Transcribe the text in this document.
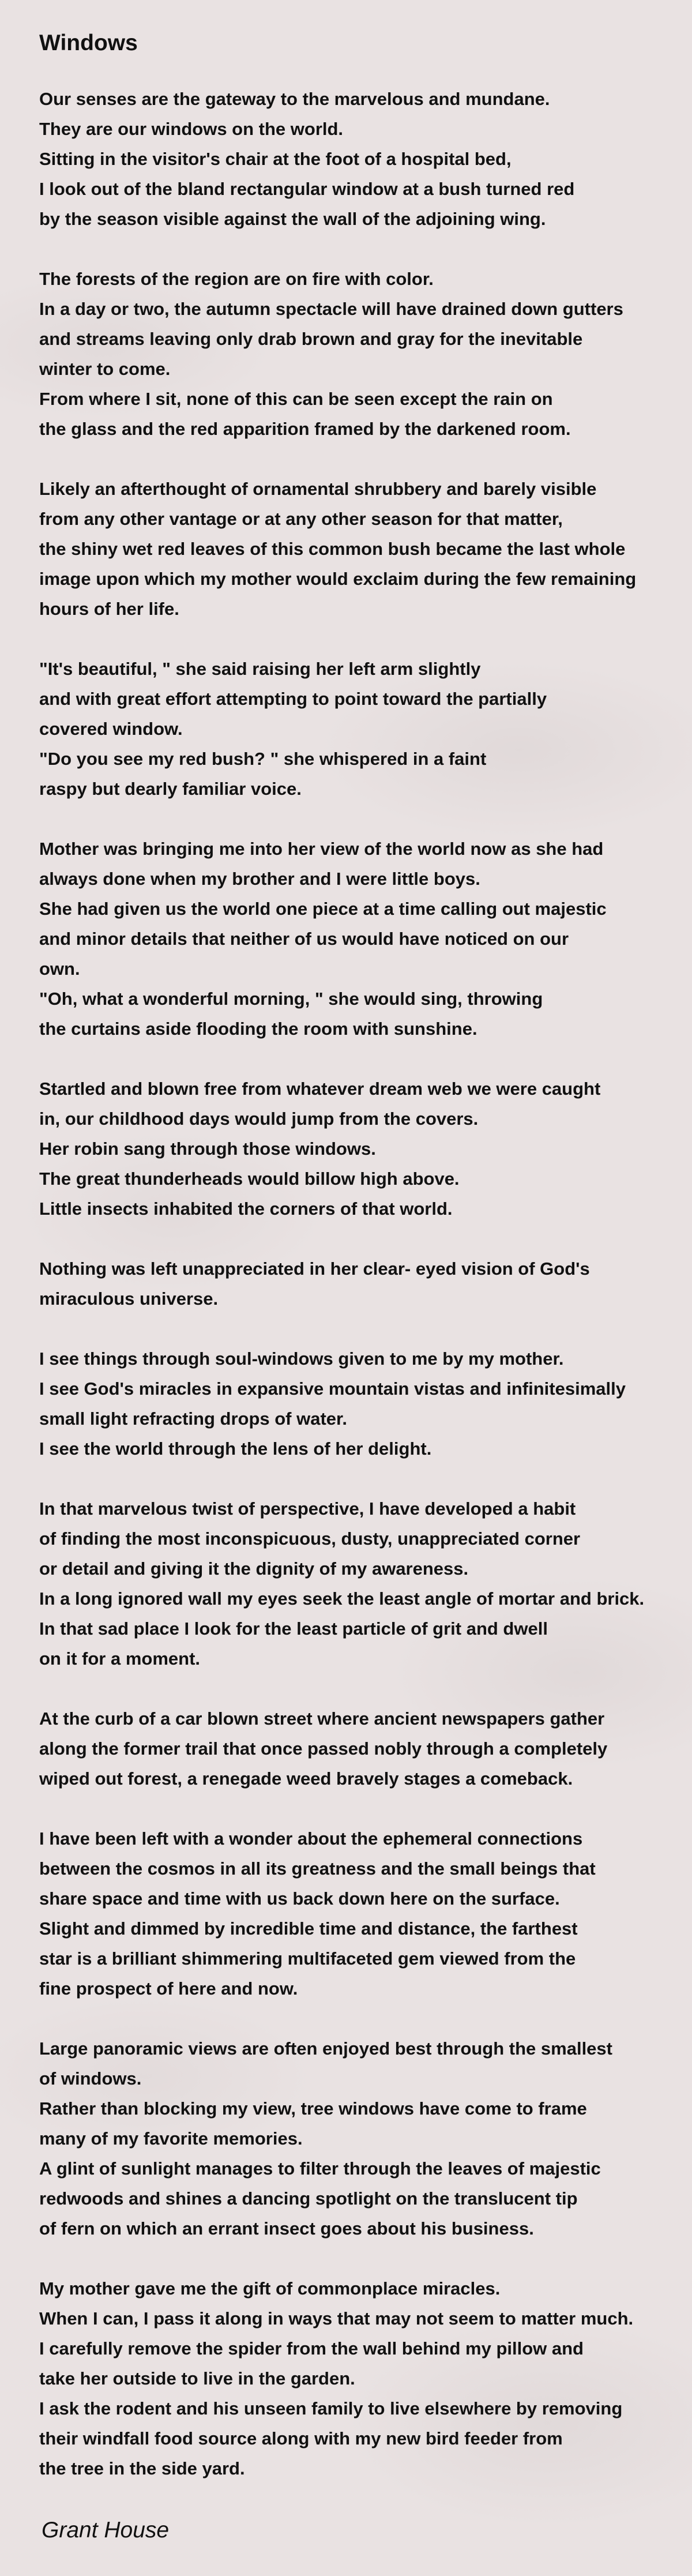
Windows
Our senses are the gateway to the marvelous and mundane.
They are our windows on the world.
Sitting in the visitor's chair at the foot of a hospital bed,
I look out of the bland rectangular window at a bush turned red
by the season visible against the wall of the adjoining wing.
The forests of the region are on fire with color.
In a day or two, the autumn spectacle will have drained down gutters
and streams leaving only drab brown and gray for the inevitable
winter to come.
From where I sit, none of this can be seen except the rain on
the glass and the red apparition framed by the darkened room.
Likely an afterthought of ornamental shrubbery and barely visible
from any other vantage or at any other season for that matter,
the shiny wet red leaves of this common bush became the last whole
image upon which my mother would exclaim during the few remaining
hours of her life.
"It's beautiful, " she said raising her left arm slightly
and with great effort attempting to point toward the partially
covered window.
"Do you see my red bush? " she whispered in a faint
raspy but dearly familiar voice.
Mother was bringing me into her view of the world now as she had
always done when my brother and I were little boys.
She had given us the world one piece at a time calling out majestic
and minor details that neither of us would have noticed on our
own.
"Oh, what a wonderful morning, " she would sing, throwing
the curtains aside flooding the room with sunshine.
Startled and blown free from whatever dream web we were caught
in, our childhood days would jump from the covers.
Her robin sang through those windows.
The great thunderheads would billow high above.
Little insects inhabited the corners of that world.
Nothing was left unappreciated in her clear- eyed vision of God's
miraculous universe.
I see things through soul-windows given to me by my mother.
I see God's miracles in expansive mountain vistas and infinitesimally
small light refracting drops of water.
I see the world through the lens of her delight.
In that marvelous twist of perspective, I have developed a habit
of finding the most inconspicuous, dusty, unappreciated corner
or detail and giving it the dignity of my awareness.
In a long ignored wall my eyes seek the least angle of mortar and brick.
In that sad place I look for the least particle of grit and dwell
on it for a moment.
At the curb of a car blown street where ancient newspapers gather
along the former trail that once passed nobly through a completely
wiped out forest, a renegade weed bravely stages a comeback.
I have been left with a wonder about the ephemeral connections
between the cosmos in all its greatness and the small beings that
share space and time with us back down here on the surface.
Slight and dimmed by incredible time and distance, the farthest
star is a brilliant shimmering multifaceted gem viewed from the
fine prospect of here and now.
Large panoramic views are often enjoyed best through the smallest
of windows.
Rather than blocking my view, tree windows have come to frame
many of my favorite memories.
A glint of sunlight manages to filter through the leaves of majestic
redwoods and shines a dancing spotlight on the translucent tip
of fern on which an errant insect goes about his business.
My mother gave me the gift of commonplace miracles.
When I can, I pass it along in ways that may not seem to matter much.
I carefully remove the spider from the wall behind my pillow and
take her outside to live in the garden.
I ask the rodent and his unseen family to live elsewhere by removing
their windfall food source along with my new bird feeder from
the tree in the side yard.
Grant House
